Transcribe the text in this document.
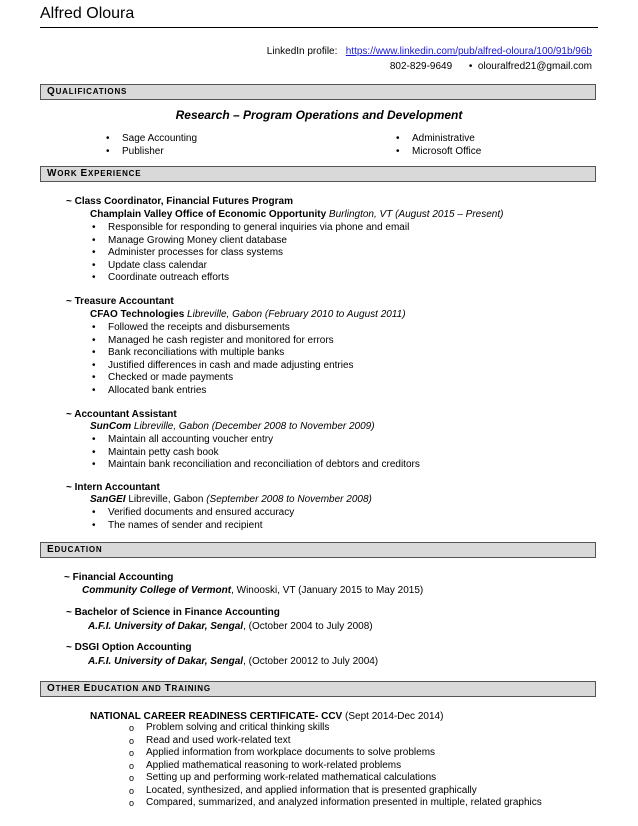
Alfred Oloura
LinkedIn profile: https://www.linkedin.com/pub/alfred-oloura/100/91b/96b
802-829-9649 • olouralfred21@gmail.com
QUALIFICATIONS
Research – Program Operations and Development
• Sage Accounting
• Publisher
• Administrative
• Microsoft Office
WORK EXPERIENCE
~ Class Coordinator, Financial Futures Program
Champlain Valley Office of Economic Opportunity Burlington, VT (August 2015 – Present)
• Responsible for responding to general inquiries via phone and email
• Manage Growing Money client database
• Administer processes for class systems
• Update class calendar
• Coordinate outreach efforts
~ Treasure Accountant
CFAO Technologies Libreville, Gabon (February 2010 to August 2011)
• Followed the receipts and disbursements
• Managed he cash register and monitored for errors
• Bank reconciliations with multiple banks
• Justified differences in cash and made adjusting entries
• Checked or made payments
• Allocated bank entries
~ Accountant Assistant
SunCom Libreville, Gabon (December 2008 to November 2009)
• Maintain all accounting voucher entry
• Maintain petty cash book
• Maintain bank reconciliation and reconciliation of debtors and creditors
~ Intern Accountant
SanGEI Libreville, Gabon (September 2008 to November 2008)
• Verified documents and ensured accuracy
• The names of sender and recipient
EDUCATION
~ Financial Accounting
Community College of Vermont, Winooski, VT (January 2015 to May 2015)
~ Bachelor of Science in Finance Accounting
A.F.I. University of Dakar, Sengal, (October 2004 to July 2008)
~ DSGI Option Accounting
A.F.I. University of Dakar, Sengal, (October 20012 to July 2004)
OTHER EDUCATION AND TRAINING
NATIONAL CAREER READINESS CERTIFICATE- CCV (Sept 2014-Dec 2014)
o Problem solving and critical thinking skills
o Read and used work-related text
o Applied information from workplace documents to solve problems
o Applied mathematical reasoning to work-related problems
o Setting up and performing work-related mathematical calculations
o Located, synthesized, and applied information that is presented graphically
o Compared, summarized, and analyzed information presented in multiple, related graphics
